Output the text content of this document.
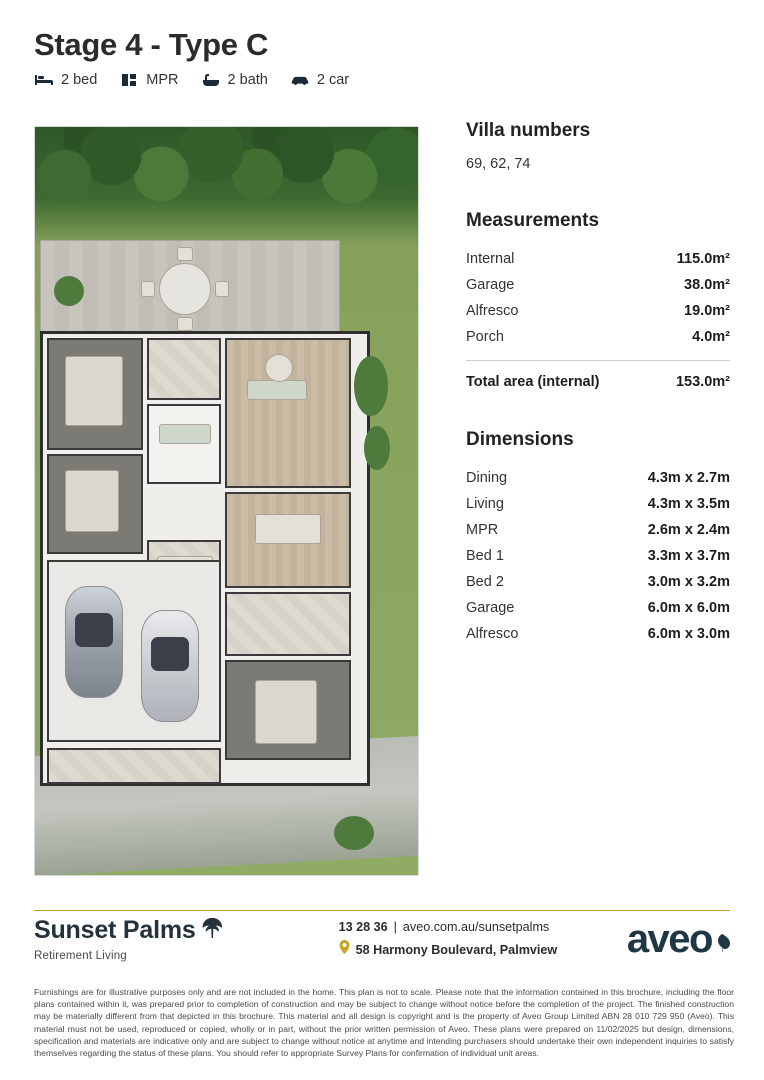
Stage 4 - Type C
2 bed	MPR	2 bath	2 car
Villa numbers
69, 62, 74
Measurements
Internal	115.0m²
Garage	38.0m²
Alfresco	19.0m²
Porch	4.0m²
Total area (internal)	153.0m²
Dimensions
Dining	4.3m x 2.7m
Living	4.3m x 3.5m
MPR	2.6m x 2.4m
Bed 1	3.3m x 3.7m
Bed 2	3.0m x 3.2m
Garage	6.0m x 6.0m
Alfresco	6.0m x 3.0m
Sunset Palms
Retirement Living
13 28 36 | aveo.com.au/sunsetpalms
58 Harmony Boulevard, Palmview aveo
Furnishings are for illustrative purposes only and are not included in the home. This plan is not to scale. Please note that the information contained in this brochure, including the floor plans contained within it, was prepared prior to completion of construction and may be subject to change without notice before the completion of the project. The finished construction may be materially different from that depicted in this brochure. This material and all design is copyright and is the property of Aveo Group Limited ABN 28 010 729 950 (Aveo). This material must not be used, reproduced or copied, wholly or in part, without the prior written permission of Aveo. These plans were prepared on 11/02/2025 but design, dimensions, specification and materials are indicative only and are subject to change without notice at anytime and intending purchasers should undertake their own independent inquiries to satisfy themselves regarding the status of these plans. You should refer to appropriate Survey Plans for confirmation of individual unit areas.
